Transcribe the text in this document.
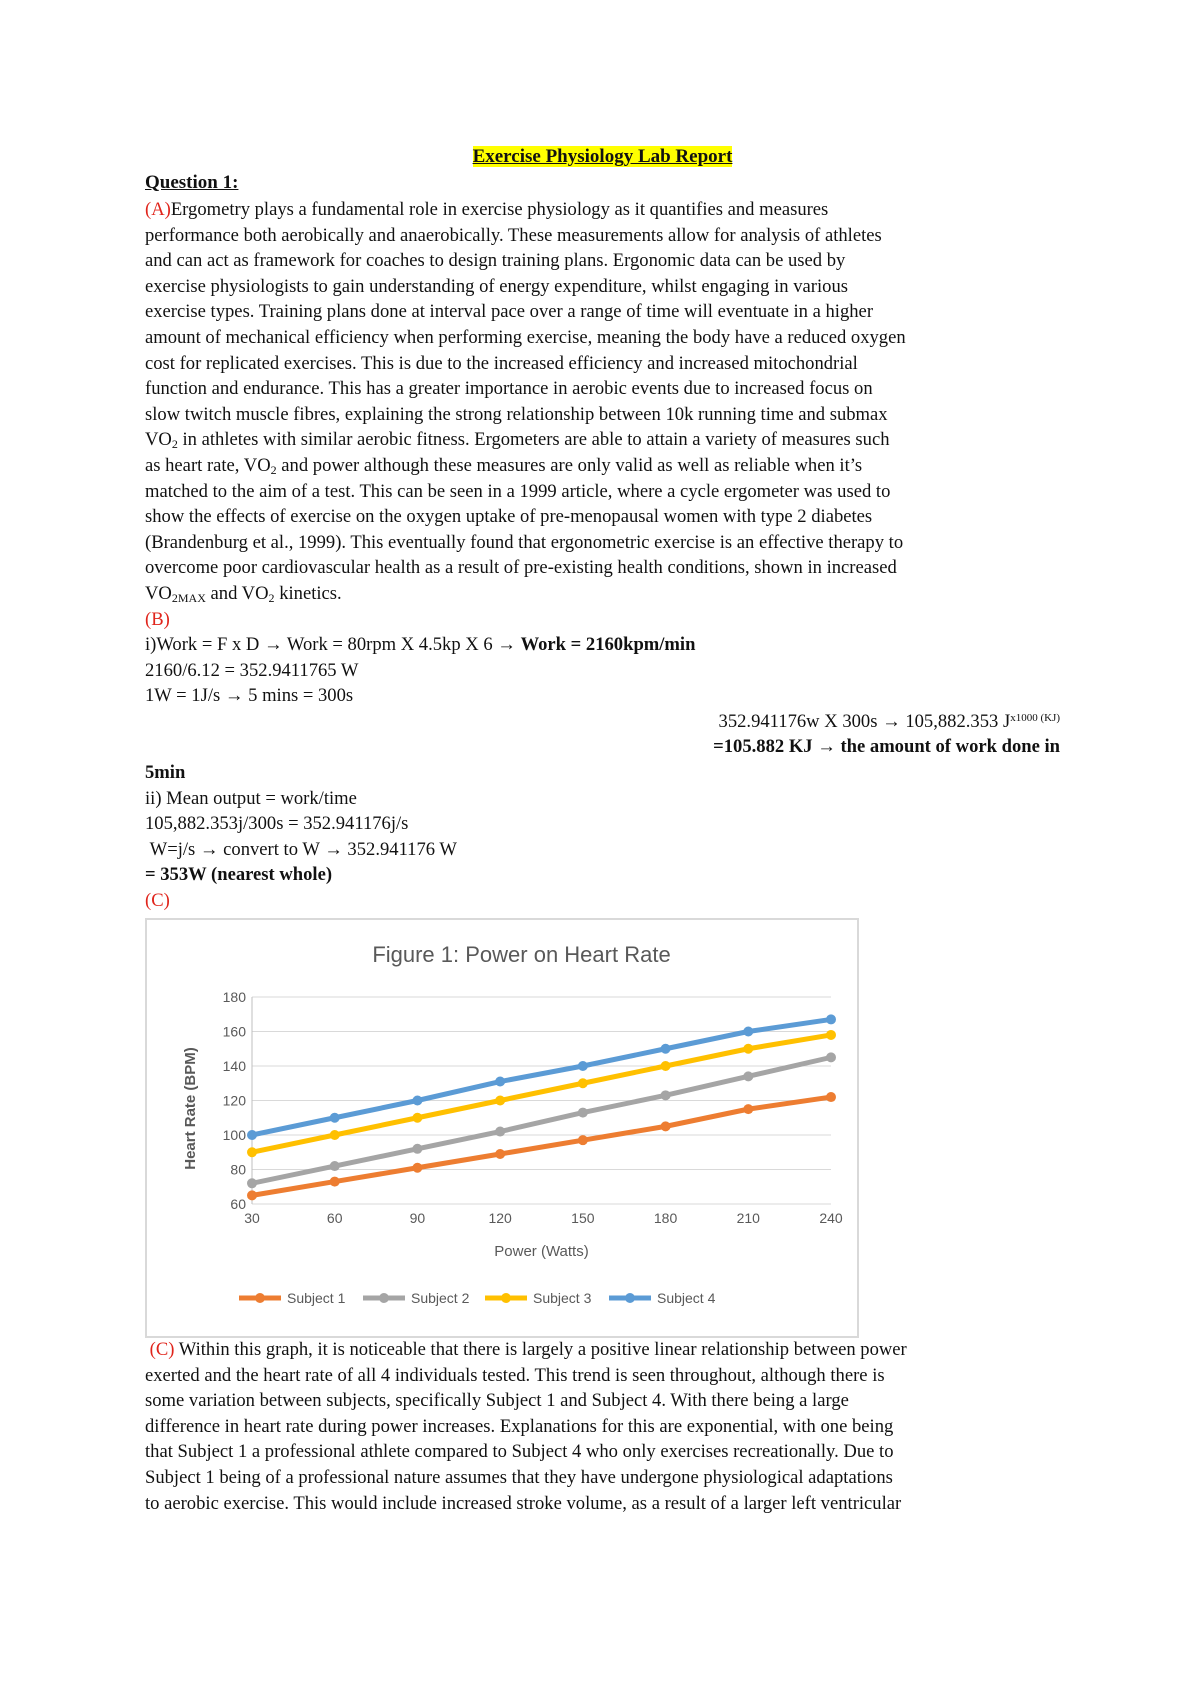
Exercise Physiology Lab Report
Question 1:
(A)Ergometry plays a fundamental role in exercise physiology as it quantifies and measures
performance both aerobically and anaerobically. These measurements allow for analysis of athletes
and can act as framework for coaches to design training plans. Ergonomic data can be used by
exercise physiologists to gain understanding of energy expenditure, whilst engaging in various
exercise types. Training plans done at interval pace over a range of time will eventuate in a higher
amount of mechanical efficiency when performing exercise, meaning the body have a reduced oxygen
cost for replicated exercises. This is due to the increased efficiency and increased mitochondrial
function and endurance. This has a greater importance in aerobic events due to increased focus on
slow twitch muscle fibres, explaining the strong relationship between 10k running time and submax
$VO_2$ in athletes with similar aerobic fitness. Ergometers are able to attain a variety of measures such
as heart rate, $VO_2$ and power although these measures are only valid as well as reliable when it’s
matched to the aim of a test. This can be seen in a 1999 article, where a cycle ergometer was used to
show the effects of exercise on the oxygen uptake of pre-menopausal women with type 2 diabetes
(Brandenburg et al., 1999). This eventually found that ergonometric exercise is an effective therapy to
overcome poor cardiovascular health as a result of pre-existing health conditions, shown in increased
$VO_{2MAX}$ and $VO_2$ kinetics.
(B)
i)Work = F x D → Work = 80rpm X 4.5kp X 6 → Work = 2160kpm/min
2160/6.12 = 352.9411765 W
1W = 1J/s → 5 mins = 300s
352.941176w X 300s → 105,882.353 $J^{x1000 (KJ)}$
=105.882 KJ → the amount of work done in
5min
ii) Mean output = work/time
105,882.353j/300s = 352.941176j/s
W=j/s → convert to W → 352.941176 W
= 353W (nearest whole)
(C)
Figure 1: Power on Heart Rate
60
80
100
120
140
160
180
30	60	90	120	150	180	210	240
Power (Watts)
Heart Rate (BPM)
Subject 1	Subject 2	Subject 3	Subject 4
(C) Within this graph, it is noticeable that there is largely a positive linear relationship between power
exerted and the heart rate of all 4 individuals tested. This trend is seen throughout, although there is
some variation between subjects, specifically Subject 1 and Subject 4. With there being a large
difference in heart rate during power increases. Explanations for this are exponential, with one being
that Subject 1 a professional athlete compared to Subject 4 who only exercises recreationally. Due to
Subject 1 being of a professional nature assumes that they have undergone physiological adaptations
to aerobic exercise. This would include increased stroke volume, as a result of a larger left ventricular
